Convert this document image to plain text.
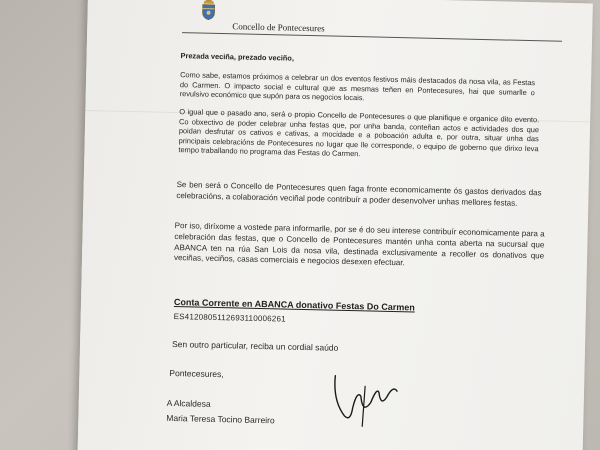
Concello de Pontecesures
Prezada veciña, prezado veciño,
Como sabe, estamos próximos a celebrar un dos eventos festivos máis destacados da nosa vila, as Festas do Carmen. O impacto social e cultural que as mesmas teñen en Pontecesures, hai que sumarlle o revulsivo económico que supón para os negocios locais.
O igual que o pasado ano, será o propio Concello de Pontecesures o que planifique e organice dito evento. Co obxectivo de poder celebrar unha festas que, por unha banda, conteñan actos e actividades dos que poidan desfrutar os cativos e cativas, a mocidade e a poboación adulta e, por outra, situar unha das principais celebracións de Pontecesures no lugar que lle corresponde, o equipo de goberno que dirixo leva tempo traballando no programa das Festas do Carmen.
Se ben será o Concello de Pontecesures quen faga fronte economicamente ós gastos derivados das celebracións, a colaboración veciñal pode contribuír a poder desenvolver unhas mellores festas.
Por iso, diríxome a vostede para informarlle, por se é do seu interese contribuír economicamente para a celebración das festas, que o Concello de Pontecesures mantén unha conta aberta na sucursal que ABANCA ten na rúa San Lois da nosa vila, destinada exclusivamente a recoller os donativos que veciñas, veciños, casas comerciais e negocios desexen efectuar.
Conta Corrente en ABANCA donativo Festas Do Carmen
ES4120805112693110006261
Sen outro particular, reciba un cordial saúdo
Pontecesures,
A Alcaldesa
Maria Teresa Tocino Barreiro
